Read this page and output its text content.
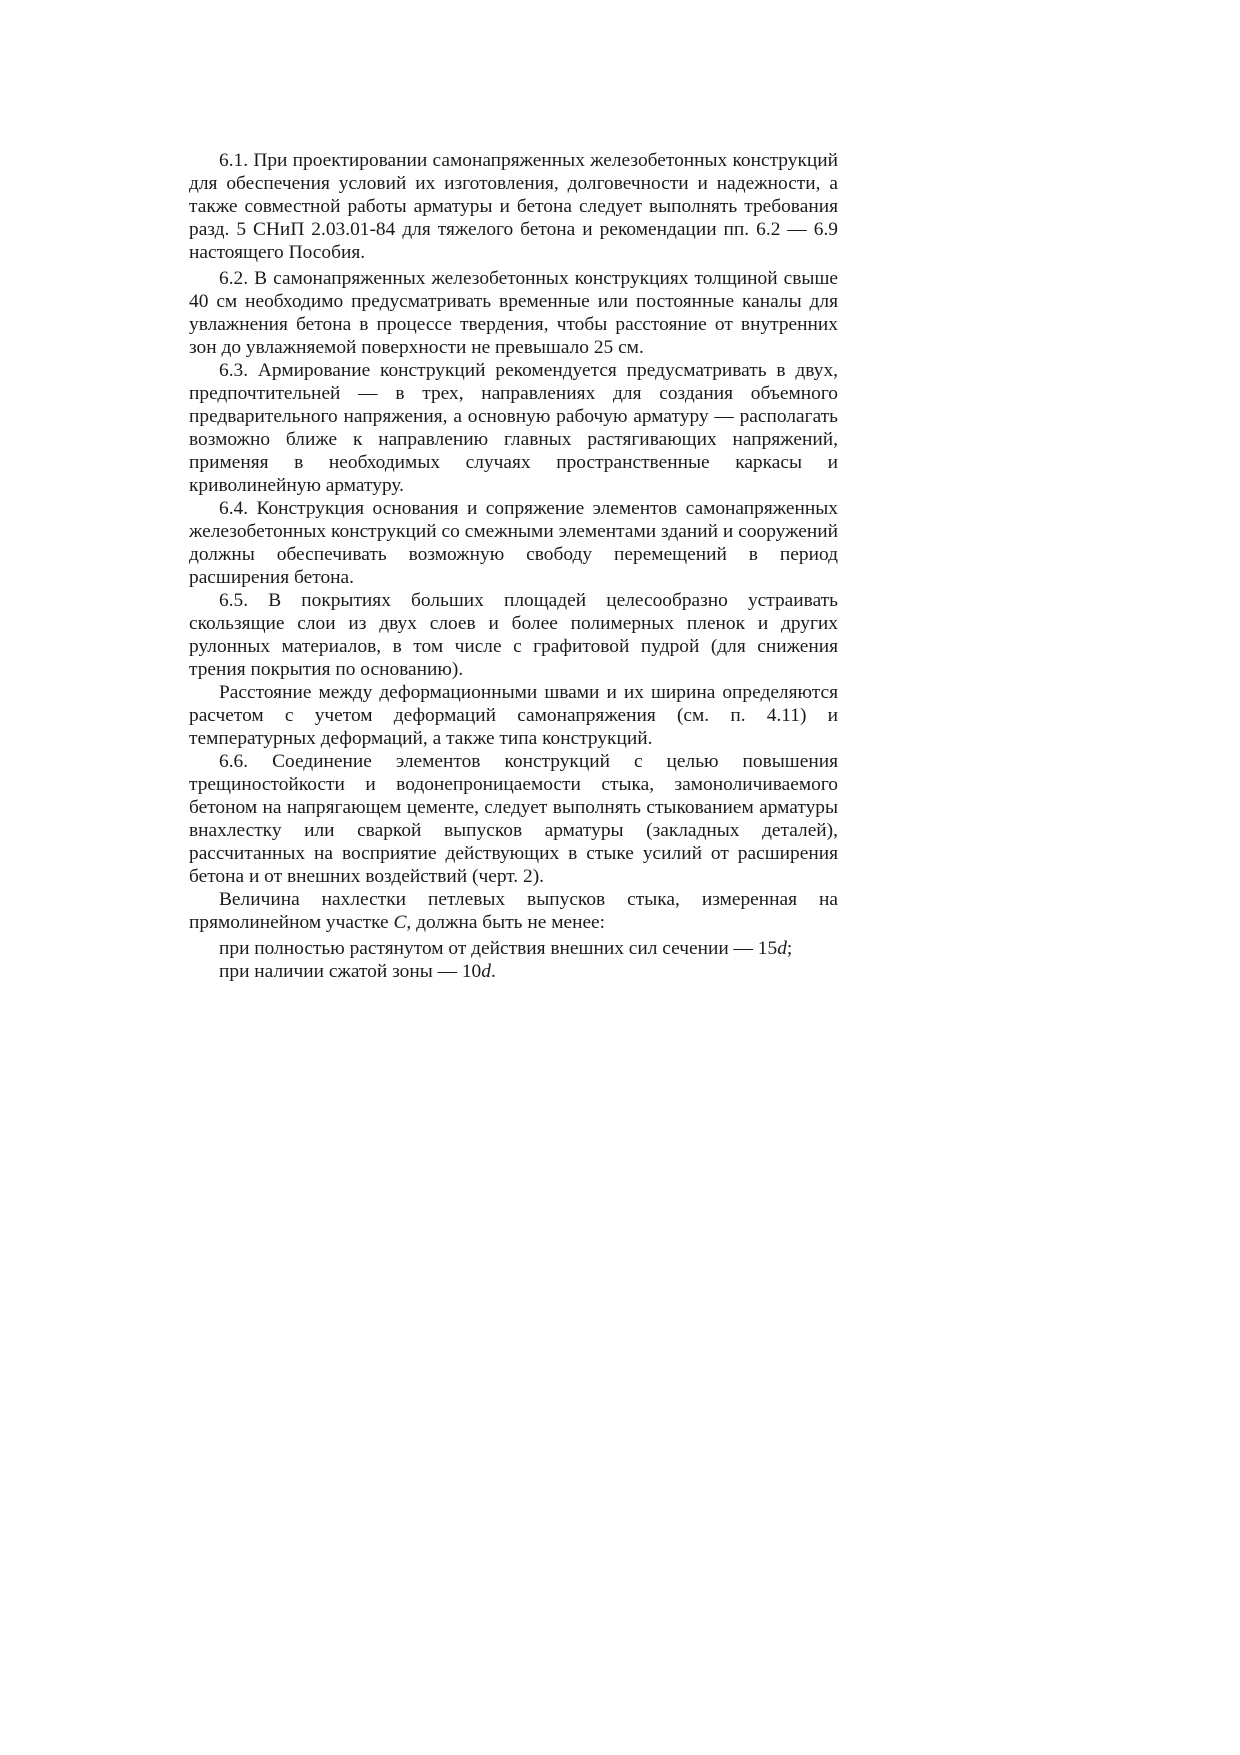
6.1. При проектировании самонапряженных железобетонных конструкций для обеспечения условий их изготовления, долговечности и надежности, а также совместной работы арматуры и бетона следует выполнять требования разд. 5 СНиП 2.03.01-84 для тяжелого бетона и рекомендации пп. 6.2 — 6.9 настоящего Пособия.

6.2. В самонапряженных железобетонных конструкциях толщиной свыше 40 см необходимо предусматривать временные или постоянные каналы для увлажнения бетона в процессе твердения, чтобы расстояние от внутренних зон до увлажняемой поверхности не превышало 25 см.

6.3. Армирование конструкций рекомендуется предусматривать в двух, предпочтительней — в трех, направлениях для создания объемного предварительного напряжения, а основную рабочую арматуру — располагать возможно ближе к направлению главных растягивающих напряжений, применяя в необходимых случаях пространственные каркасы и криволинейную арматуру.

6.4. Конструкция основания и сопряжение элементов самонапряженных железобетонных конструкций со смежными элементами зданий и сооружений должны обеспечивать возможную свободу перемещений в период расширения бетона.

6.5. В покрытиях больших площадей целесообразно устраивать скользящие слои из двух слоев и более полимерных пленок и других рулонных материалов, в том числе с графитовой пудрой (для снижения трения покрытия по основанию).

Расстояние между деформационными швами и их ширина определяются расчетом с учетом деформаций самонапряжения (см. п. 4.11) и температурных деформаций, а также типа конструкций.

6.6. Соединение элементов конструкций с целью повышения трещиностойкости и водонепроницаемости стыка, замоноличиваемого бетоном на напрягающем цементе, следует выполнять стыкованием арматуры внахлестку или сваркой выпусков арматуры (закладных деталей), рассчитанных на восприятие действующих в стыке усилий от расширения бетона и от внешних воздействий (черт. 2).

Величина нахлестки петлевых выпусков стыка, измеренная на прямолинейном участке C, должна быть не менее:

при полностью растянутом от действия внешних сил сечении — 15d;

при наличии сжатой зоны — 10d.
